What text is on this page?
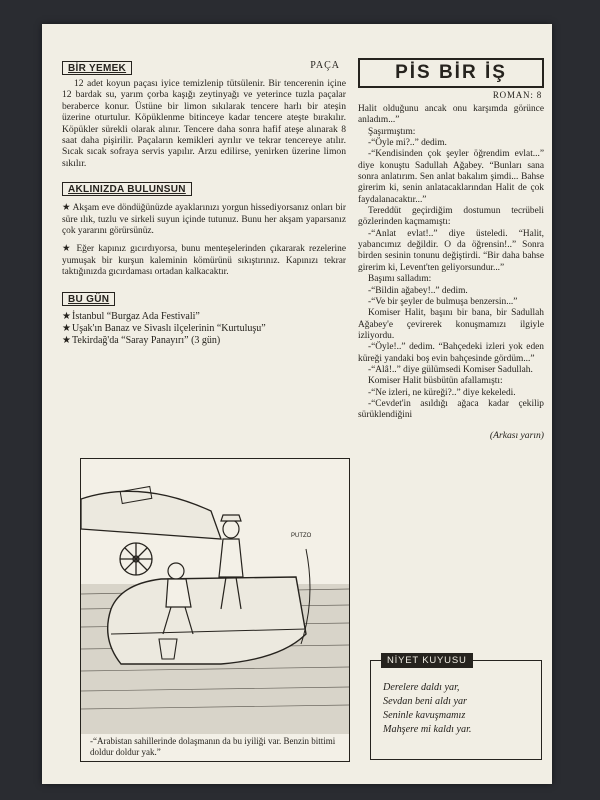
BİR YEMEK	PAÇA

12 adet koyun paçası iyice temizlenip tütsülenir. Bir tencerenin içine 12 bardak su, yarım çorba kaşığı zeytinyağı ve yeterince tuzla paçalar beraberce konur. Üstüne bir limon sıkılarak tencere harlı bir ateşin üzerine oturtulur. Köpüklenme bitinceye kadar tencere ateşte bırakılır. Köpükler sürekli olarak alınır. Tencere daha sonra hafif ateşe alınarak 8 saat daha pişirilir. Paçaların kemikleri ayrılır ve tekrar tencereye atılır. Sıcak sıcak sofraya servis yapılır. Arzu edilirse, yenirken üzerine limon sıkılır.

AKLINIZDA BULUNSUN

★ Akşam eve döndüğünüzde ayaklarınızı yorgun hissediyorsanız onları bir süre ılık, tuzlu ve sirkeli suyun içinde tutunuz. Bunu her akşam yaparsanız çok yararını görürsünüz.

★ Eğer kapınız gıcırdıyorsa, bunu menteşelerinden çıkararak rezelerine yumuşak bir kurşun kaleminin kömürünü sıkıştırınız. Kapınızı tekrar taktığınızda gıcırdaması ortadan kalkacaktır.

BU GÜN
★ İstanbul “Burgaz Ada Festivali”
★ Uşak'ın Banaz ve Sivaslı ilçelerinin “Kurtuluşu”
★ Tekirdağ'da “Saray Panayırı” (3 gün)
PUTZO
-“Arabistan sahillerinde dolaşmanın da bu iyiliği var. Benzin bittimi doldur doldur yak.”
PİS BİR İŞ
ROMAN: 8

Halit olduğunu ancak onu karşımda görünce anladım...”

Şaşırmıştım:

-“Öyle mi?..” dedim.

-“Kendisinden çok şeyler öğrendim evlat...” diye konuştu Sadullah Ağabey. “Bunları sana sonra anlatırım. Sen anlat bakalım şimdi... Bahse girerim ki, senin anlatacaklarından Halit de çok faydalanacaktır...”

Tereddüt geçirdiğim dostumun tecrübeli gözlerinden kaçmamıştı:

-“Anlat evlat!..” diye üsteledi. “Halit, yabancımız değildir. O da öğrensin!..” Sonra birden sesinin tonunu değiştirdi. “Bir daha bahse girerim ki, Levent'ten geliyorsundur...”

Başımı salladım:

-“Bildin ağabey!..” dedim.

-“Ve bir şeyler de bulmuşa benzersin...”

Komiser Halit, başını bir bana, bir Sadullah Ağabey'e çevirerek konuşmamızı ilgiyle izliyordu.

-“Öyle!..” dedim. “Bahçedeki izleri yok eden küreği yandaki boş evin bahçesinde gördüm...”

-“Alâ!..” diye gülümsedi Komiser Sadullah.

Komiser Halit büsbütün afallamıştı:

-“Ne izleri, ne küreği?..” diye kekeledi.

-“Cevdet'in asıldığı ağaca kadar çekilip sürüklendiğini

(Arkası yarın)
NİYET KUYUSU
Derelere daldı yar,
Sevdan beni aldı yar
Seninle kavuşmamız
Mahşere mi kaldı yar.
